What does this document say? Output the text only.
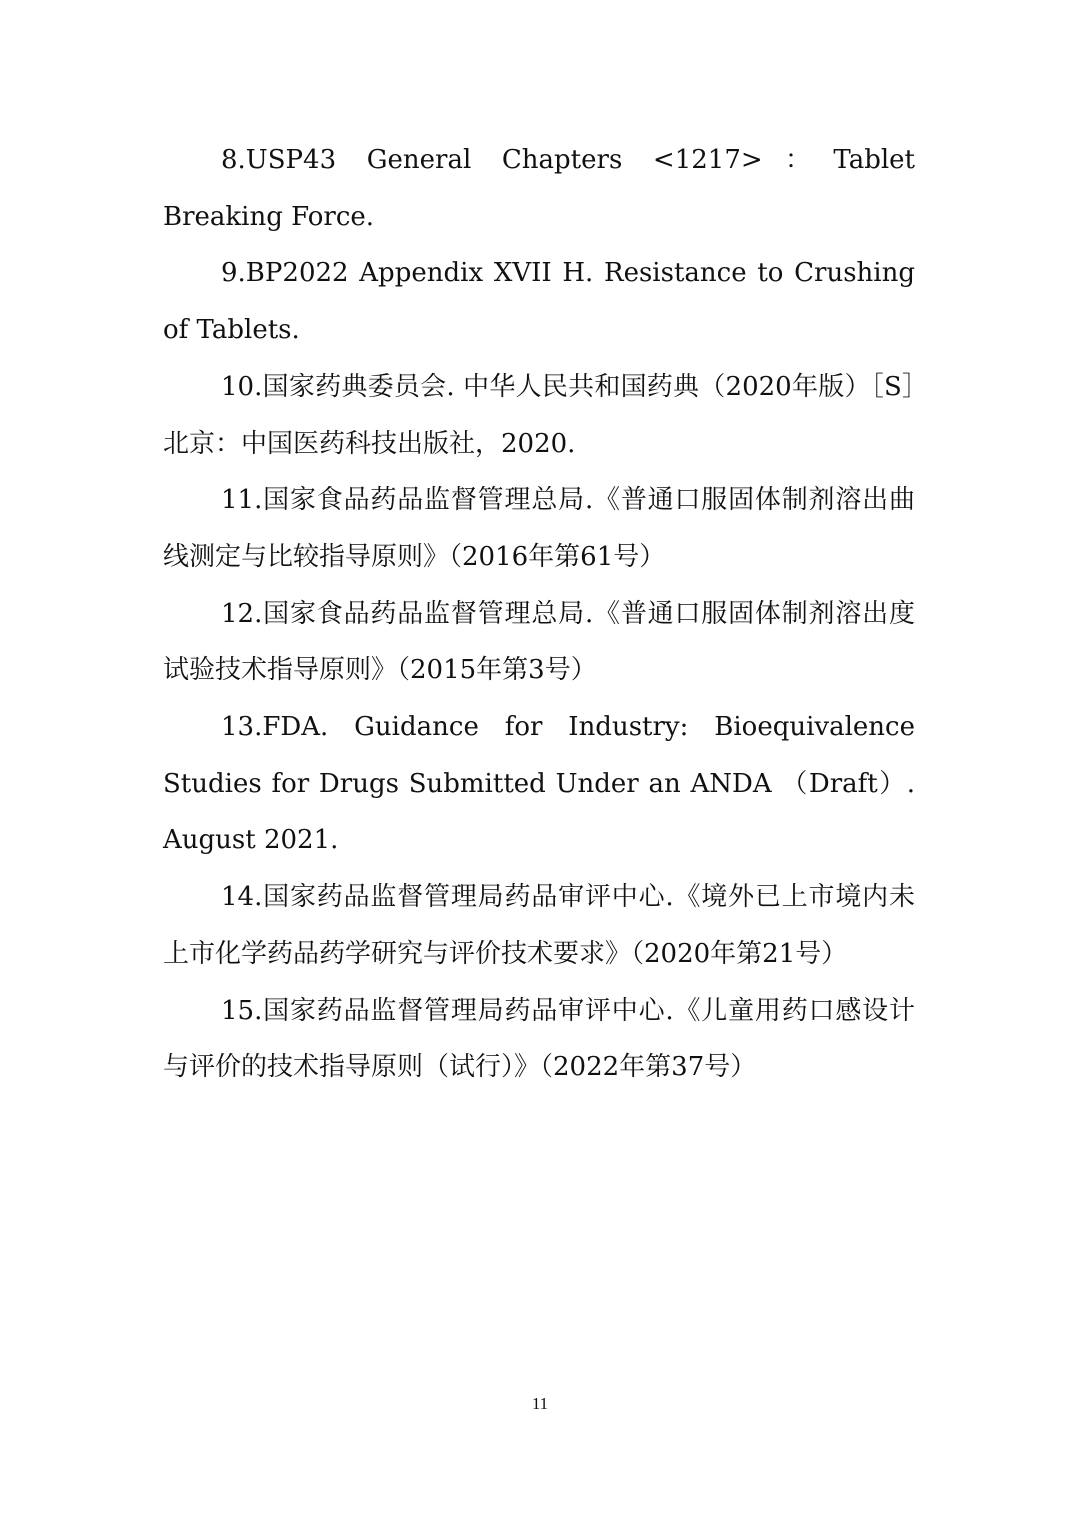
8.USP43 General Chapters <1217>：Tablet Breaking Force.

9.BP2022 Appendix XVII H. Resistance to Crushing of Tablets.

10.国家药典委员会. 中华人民共和国药典（2020年版）［S］北京：中国医药科技出版社，2020.

11.国家食品药品监督管理总局.《普通口服固体制剂溶出曲线测定与比较指导原则》（2016年第61号）

12.国家食品药品监督管理总局.《普通口服固体制剂溶出度试验技术指导原则》（2015年第3号）

13.FDA. Guidance for Industry: Bioequivalence Studies for Drugs Submitted Under an ANDA （Draft）. August 2021.

14.国家药品监督管理局药品审评中心.《境外已上市境内未上市化学药品药学研究与评价技术要求》（2020年第21号）

15.国家药品监督管理局药品审评中心.《儿童用药口感设计与评价的技术指导原则（试行）》（2022年第37号）

11
